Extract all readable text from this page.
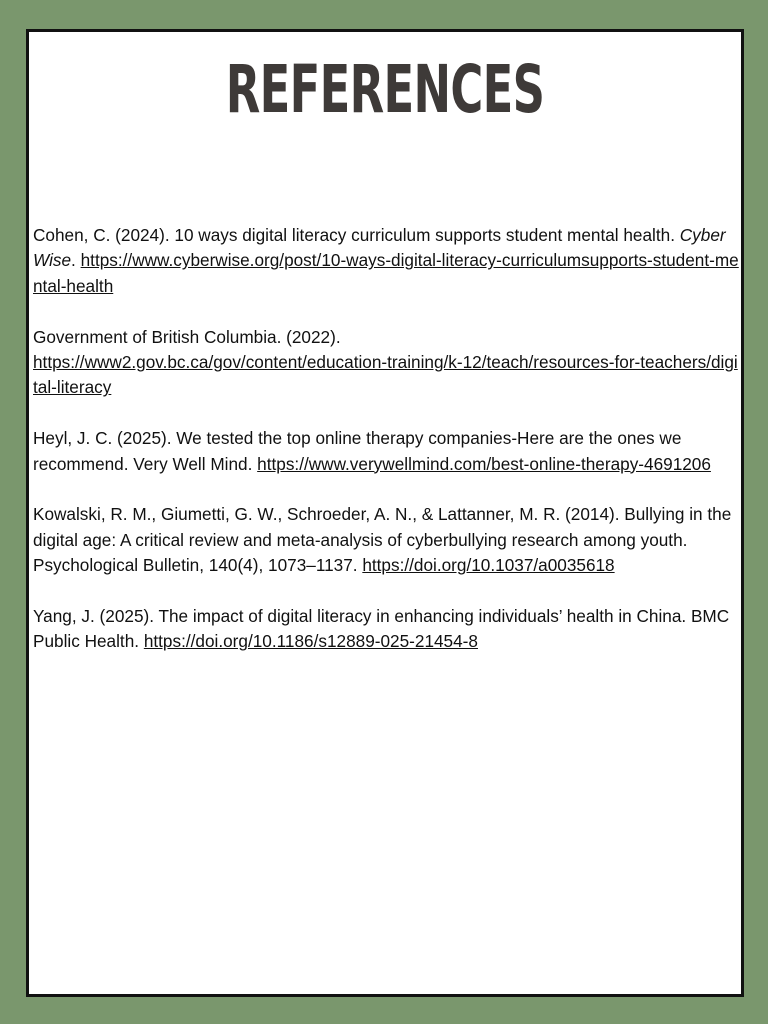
REFERENCES

Cohen, C. (2024). 10 ways digital literacy curriculum supports student mental health. Cyber Wise. https://www.cyberwise.org/post/10-ways-digital-literacy-curriculumsupports-student-mental-health

Government of British Columbia. (2022).
https://www2.gov.bc.ca/gov/content/education-training/k-12/teach/resources-for-teachers/digital-literacy

Heyl, J. C. (2025). We tested the top online therapy companies-Here are the ones we recommend. Very Well Mind. https://www.verywellmind.com/best-online-therapy-4691206

Kowalski, R. M., Giumetti, G. W., Schroeder, A. N., & Lattanner, M. R. (2014). Bullying in the digital age: A critical review and meta-analysis of cyberbullying research among youth. Psychological Bulletin, 140(4), 1073–1137. https://doi.org/10.1037/a0035618

Yang, J. (2025). The impact of digital literacy in enhancing individuals’ health in China. BMC Public Health. https://doi.org/10.1186/s12889-025-21454-8
